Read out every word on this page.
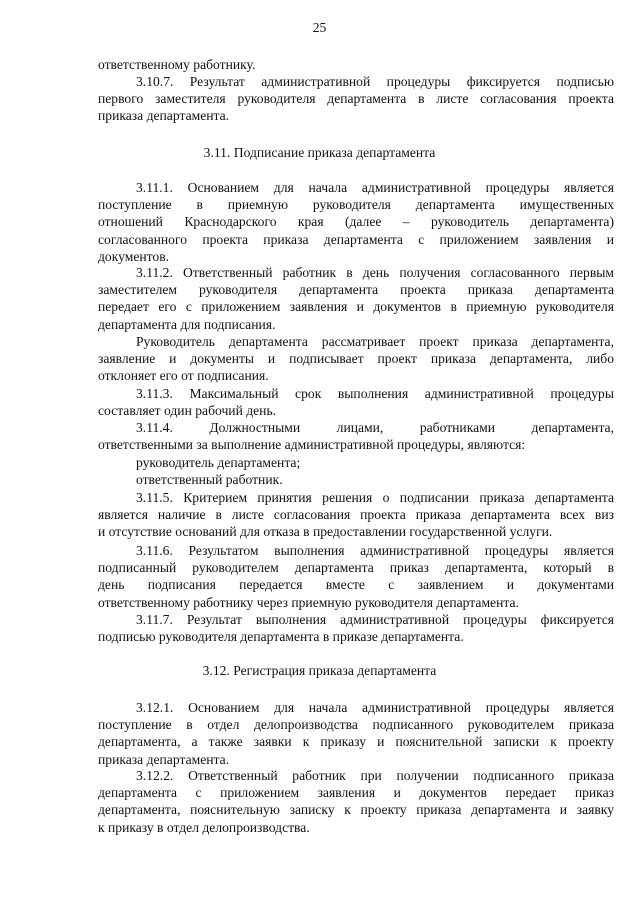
25
ответственному работнику.
3.10.7. Результат административной процедуры фиксируется подписью
первого заместителя руководителя департамента в листе согласования проекта
приказа департамента.
3.11. Подписание приказа департамента
3.11.1. Основанием для начала административной процедуры является
поступление в приемную руководителя департамента имущественных
отношений Краснодарского края (далее – руководитель департамента)
согласованного проекта приказа департамента с приложением заявления и
документов.
3.11.2. Ответственный работник в день получения согласованного первым
заместителем руководителя департамента проекта приказа департамента
передает его с приложением заявления и документов в приемную руководителя
департамента для подписания.
Руководитель департамента рассматривает проект приказа департамента,
заявление и документы и подписывает проект приказа департамента, либо
отклоняет его от подписания.
3.11.3. Максимальный срок выполнения административной процедуры
составляет один рабочий день.
3.11.4. Должностными лицами, работниками департамента,
ответственными за выполнение административной процедуры, являются:
руководитель департамента;
ответственный работник.
3.11.5. Критерием принятия решения о подписании приказа департамента
является наличие в листе согласования проекта приказа департамента всех виз
и отсутствие оснований для отказа в предоставлении государственной услуги.
3.11.6. Результатом выполнения административной процедуры является
подписанный руководителем департамента приказ департамента, который в
день подписания передается вместе с заявлением и документами
ответственному работнику через приемную руководителя департамента.
3.11.7. Результат выполнения административной процедуры фиксируется
подписью руководителя департамента в приказе департамента.
3.12. Регистрация приказа департамента
3.12.1. Основанием для начала административной процедуры является
поступление в отдел делопроизводства подписанного руководителем приказа
департамента, а также заявки к приказу и пояснительной записки к проекту
приказа департамента.
3.12.2. Ответственный работник при получении подписанного приказа
департамента с приложением заявления и документов передает приказ
департамента, пояснительную записку к проекту приказа департамента и заявку
к приказу в отдел делопроизводства.
